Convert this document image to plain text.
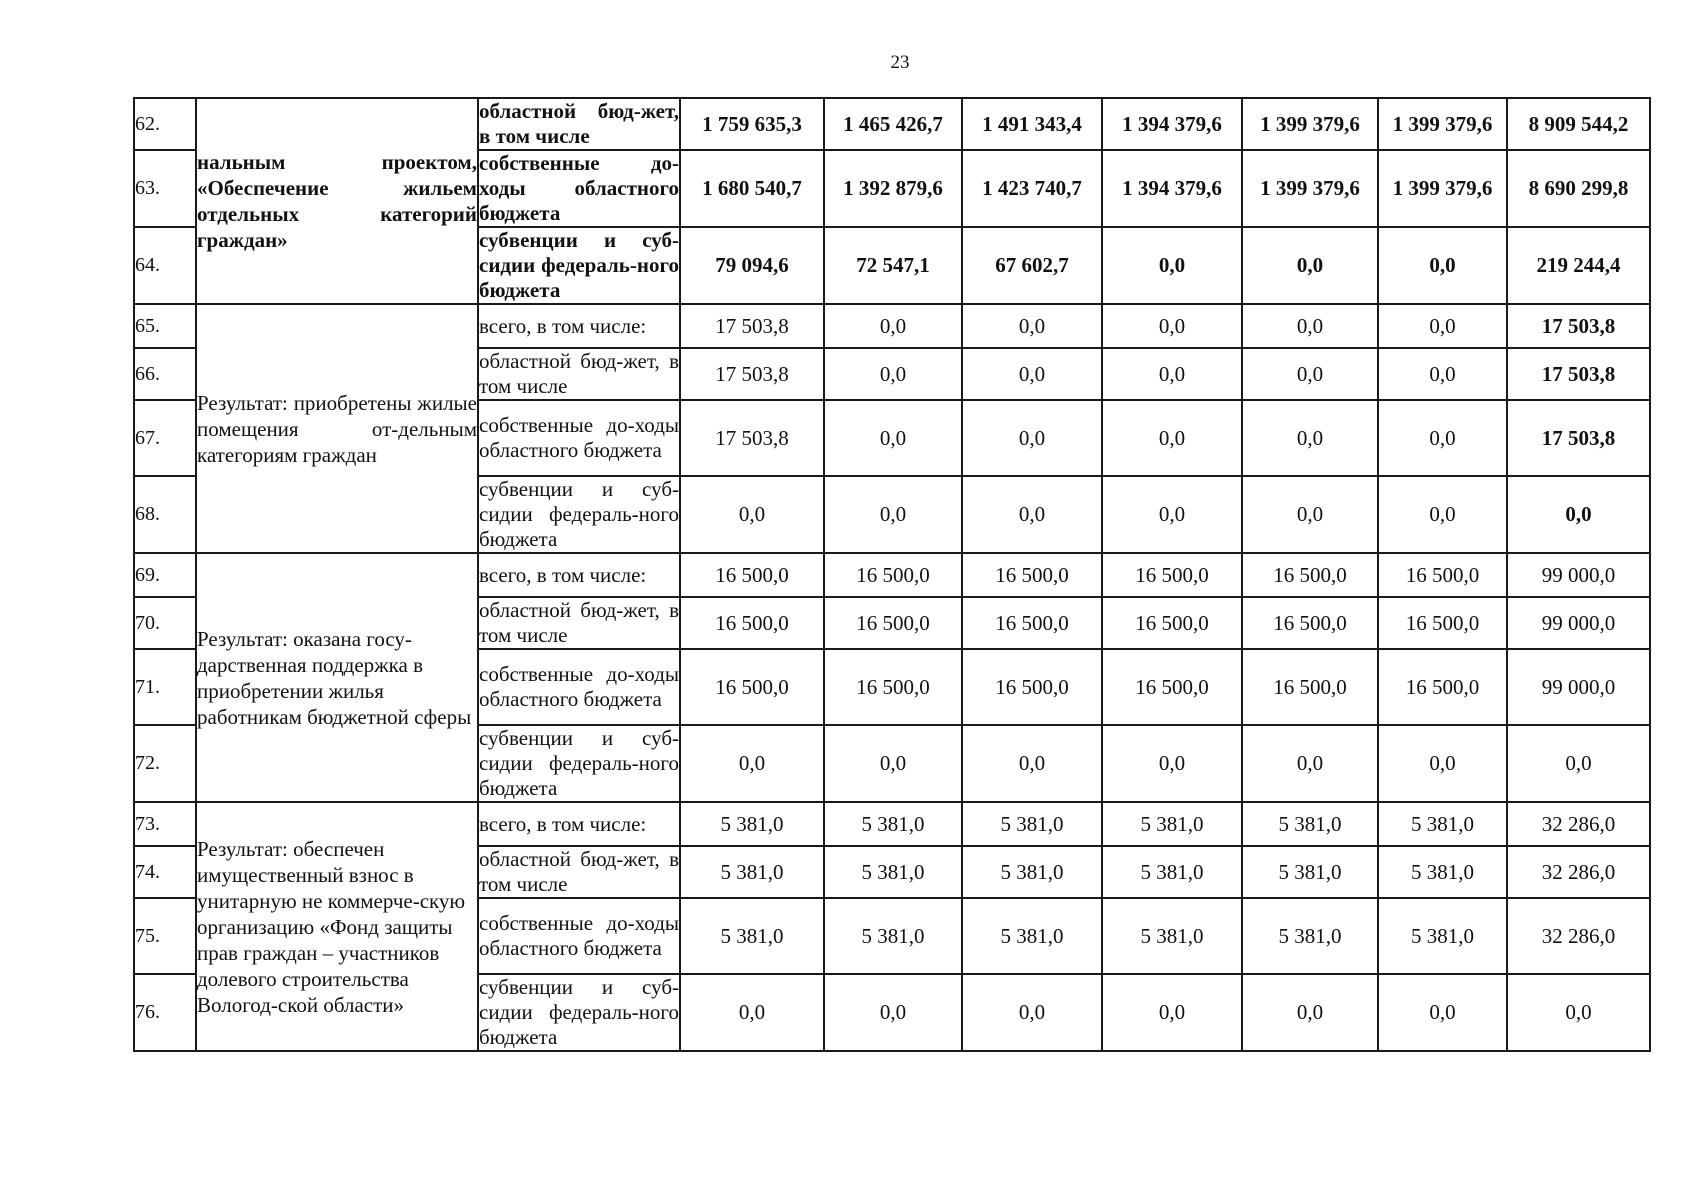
23
62.	нальным проектом, «Обеспечение жильем отдельных категорий граждан»	областной бюд-жет, в том числе	1 759 635,3	1 465 426,7	1 491 343,4	1 394 379,6	1 399 379,6	1 399 379,6	8 909 544,2
63.		собственные до-ходы областного бюджета	1 680 540,7	1 392 879,6	1 423 740,7	1 394 379,6	1 399 379,6	1 399 379,6	8 690 299,8
64.		субвенции и суб-сидии федераль-ного бюджета	79 094,6	72 547,1	67 602,7	0,0	0,0	0,0	219 244,4
65.	Результат: приобретены жилые помещения от-дельным категориям граждан	всего, в том числе:	17 503,8	0,0	0,0	0,0	0,0	0,0	17 503,8
66.		областной бюд-жет, в том числе	17 503,8	0,0	0,0	0,0	0,0	0,0	17 503,8
67.		собственные до-ходы областного бюджета	17 503,8	0,0	0,0	0,0	0,0	0,0	17 503,8
68.		субвенции и суб-сидии федераль-ного бюджета	0,0	0,0	0,0	0,0	0,0	0,0	0,0
69.	Результат: оказана госу-дарственная поддержка в приобретении жилья работникам бюджетной сферы	всего, в том числе:	16 500,0	16 500,0	16 500,0	16 500,0	16 500,0	16 500,0	99 000,0
70.		областной бюд-жет, в том числе	16 500,0	16 500,0	16 500,0	16 500,0	16 500,0	16 500,0	99 000,0
71.		собственные до-ходы областного бюджета	16 500,0	16 500,0	16 500,0	16 500,0	16 500,0	16 500,0	99 000,0
72.		субвенции и суб-сидии федераль-ного бюджета	0,0	0,0	0,0	0,0	0,0	0,0	0,0
73.	Результат: обеспечен имущественный взнос в унитарную не коммерче-скую организацию «Фонд защиты прав граждан – участников долевого строительства Вологод-ской области»	всего, в том числе:	5 381,0	5 381,0	5 381,0	5 381,0	5 381,0	5 381,0	32 286,0
74.		областной бюд-жет, в том числе	5 381,0	5 381,0	5 381,0	5 381,0	5 381,0	5 381,0	32 286,0
75.		собственные до-ходы областного бюджета	5 381,0	5 381,0	5 381,0	5 381,0	5 381,0	5 381,0	32 286,0
76.		субвенции и суб-сидии федераль-ного бюджета	0,0	0,0	0,0	0,0	0,0	0,0	0,0
